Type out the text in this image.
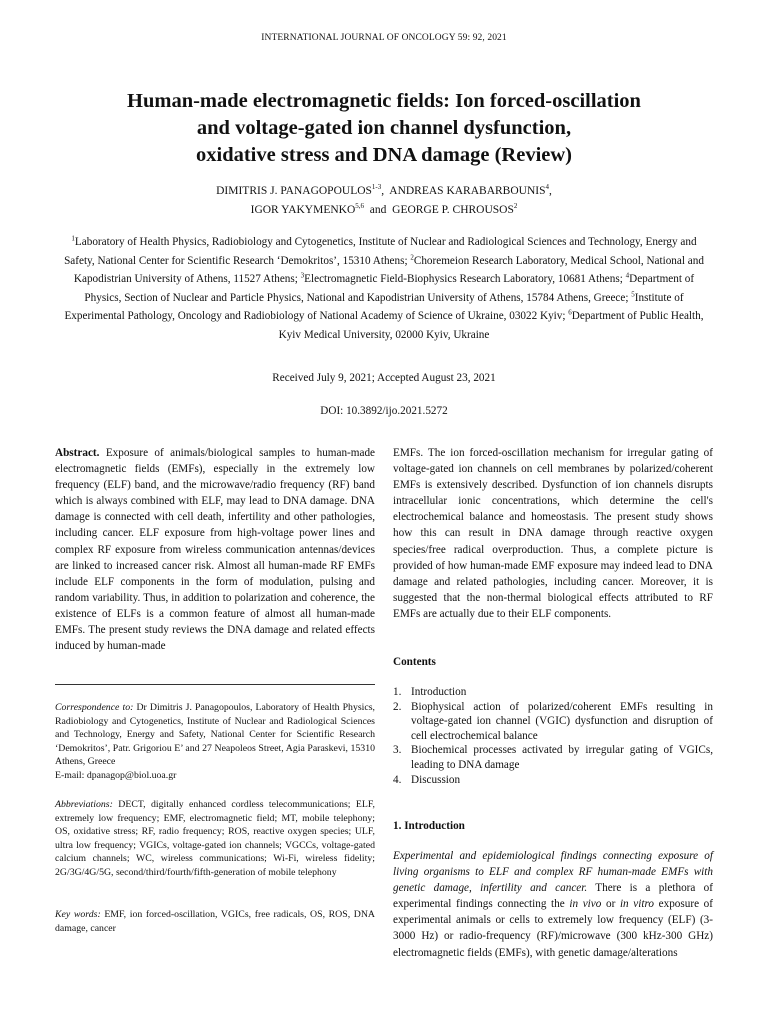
INTERNATIONAL JOURNAL OF ONCOLOGY 59: 92, 2021
Human-made electromagnetic fields: Ion forced-oscillation
and voltage-gated ion channel dysfunction,
oxidative stress and DNA damage (Review)
DIMITRIS J. PANAGOPOULOS$^{1-3}$,  ANDREAS KARABARBOUNIS$^4$,
IGOR YAKYMENKO$^{5,6}$ and GEORGE P. CHROUSOS$^2$
$^1$Laboratory of Health Physics, Radiobiology and Cytogenetics, Institute of Nuclear and Radiological Sciences and Technology, Energy and Safety, National Center for Scientific Research ‘Demokritos’, 15310 Athens; $^2$Choremeion Research Laboratory, Medical School, National and Kapodistrian University of Athens, 11527 Athens; $^3$Electromagnetic Field-Biophysics Research Laboratory, 10681 Athens; $^4$Department of Physics, Section of Nuclear and Particle Physics, National and Kapodistrian University of Athens, 15784 Athens, Greece; $^5$Institute of Experimental Pathology, Oncology and Radiobiology of National Academy of Science of Ukraine, 03022 Kyiv; $^6$Department of Public Health, Kyiv Medical University, 02000 Kyiv, Ukraine
Received July 9, 2021; Accepted August 23, 2021
DOI: 10.3892/ijo.2021.5272
Abstract. Exposure of animals/biological samples to human-made electromagnetic fields (EMFs), especially in the extremely low frequency (ELF) band, and the microwave/radio frequency (RF) band which is always combined with ELF, may lead to DNA damage. DNA damage is connected with cell death, infertility and other pathologies, including cancer. ELF exposure from high-voltage power lines and complex RF exposure from wireless communication antennas/devices are linked to increased cancer risk. Almost all human-made RF EMFs include ELF components in the form of modulation, pulsing and random variability. Thus, in addition to polarization and coherence, the existence of ELFs is a common feature of almost all human-made EMFs. The present study reviews the DNA damage and related effects induced by human-made
Correspondence to: Dr Dimitris J. Panagopoulos, Laboratory of Health Physics, Radiobiology and Cytogenetics, Institute of Nuclear and Radiological Sciences and Technology, Energy and Safety, National Center for Scientific Research ‘Demokritos’, Patr. Grigoriou E’ and 27 Neapoleos Street, Agia Paraskevi, 15310 Athens, Greece
E-mail: dpanagop@biol.uoa.gr
Abbreviations: DECT, digitally enhanced cordless telecommunications; ELF, extremely low frequency; EMF, electromagnetic field; MT, mobile telephony; OS, oxidative stress; RF, radio frequency; ROS, reactive oxygen species; ULF, ultra low frequency; VGICs, voltage-gated ion channels; VGCCs, voltage-gated calcium channels; WC, wireless communications; Wi-Fi, wireless fidelity; 2G/3G/4G/5G, second/third/fourth/fifth-generation of mobile telephony
Key words: EMF, ion forced-oscillation, VGICs, free radicals, OS, ROS, DNA damage, cancer
EMFs. The ion forced-oscillation mechanism for irregular gating of voltage-gated ion channels on cell membranes by polarized/coherent EMFs is extensively described. Dysfunction of ion channels disrupts intracellular ionic concentrations, which determine the cell's electrochemical balance and homeostasis. The present study shows how this can result in DNA damage through reactive oxygen species/free radical overproduction. Thus, a complete picture is provided of how human-made EMF exposure may indeed lead to DNA damage and related pathologies, including cancer. Moreover, it is suggested that the non-thermal biological effects attributed to RF EMFs are actually due to their ELF components.
Contents
1. Introduction
2. Biophysical action of polarized/coherent EMFs resulting in voltage-gated ion channel (VGIC) dysfunction and disruption of cell electrochemical balance
3. Biochemical processes activated by irregular gating of VGICs, leading to DNA damage
4. Discussion
1. Introduction
Experimental and epidemiological findings connecting exposure of living organisms to ELF and complex RF human-made EMFs with genetic damage, infertility and cancer. There is a plethora of experimental findings connecting the in vivo or in vitro exposure of experimental animals or cells to extremely low frequency (ELF) (3-3000 Hz) or radio-frequency (RF)/microwave (300 kHz-300 GHz) electromagnetic fields (EMFs), with genetic damage/alterations
